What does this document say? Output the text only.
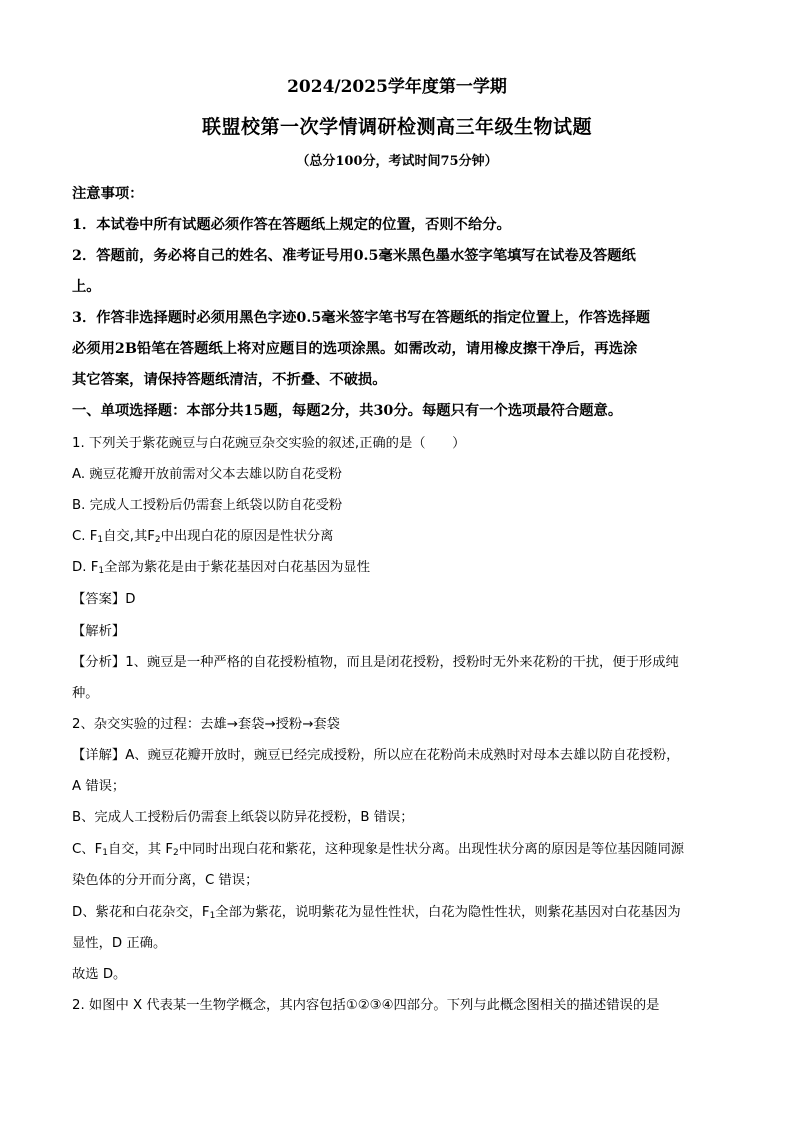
2024/2025学年度第一学期
联盟校第一次学情调研检测高三年级生物试题
（总分100分，考试时间75分钟）
注意事项：
1．本试卷中所有试题必须作答在答题纸上规定的位置，否则不给分。
2．答题前，务必将自己的姓名、准考证号用0.5毫米黑色墨水签字笔填写在试卷及答题纸
上。
3．作答非选择题时必须用黑色字迹0.5毫米签字笔书写在答题纸的指定位置上，作答选择题
必须用2B铅笔在答题纸上将对应题目的选项涂黑。如需改动，请用橡皮擦干净后，再选涂
其它答案，请保持答题纸清洁，不折叠、不破损。
一、单项选择题：本部分共15题，每题2分，共30分。每题只有一个选项最符合题意。
1. 下列关于紫花豌豆与白花豌豆杂交实验的叙述,正确的是（　　）
A. 豌豆花瓣开放前需对父本去雄以防自花受粉
B. 完成人工授粉后仍需套上纸袋以防自花受粉
C. $F_1$自交,其$F_2$中出现白花的原因是性状分离
D. $F_1$全部为紫花是由于紫花基因对白花基因为显性
【答案】D
【解析】
【分析】1、豌豆是一种严格的自花授粉植物，而且是闭花授粉，授粉时无外来花粉的干扰，便于形成纯
种。
2、杂交实验的过程：去雄→套袋→授粉→套袋
【详解】A、豌豆花瓣开放时，豌豆已经完成授粉，所以应在花粉尚未成熟时对母本去雄以防自花授粉，
A 错误；
B、完成人工授粉后仍需套上纸袋以防异花授粉，B 错误；
C、$F_1$自交，其 $F_2$中同时出现白花和紫花，这种现象是性状分离。出现性状分离的原因是等位基因随同源
染色体的分开而分离，C 错误；
D、紫花和白花杂交，$F_1$全部为紫花，说明紫花为显性性状，白花为隐性性状，则紫花基因对白花基因为
显性，D 正确。
故选 D。
2. 如图中 X 代表某一生物学概念，其内容包括①②③④四部分。下列与此概念图相关的描述错误的是
